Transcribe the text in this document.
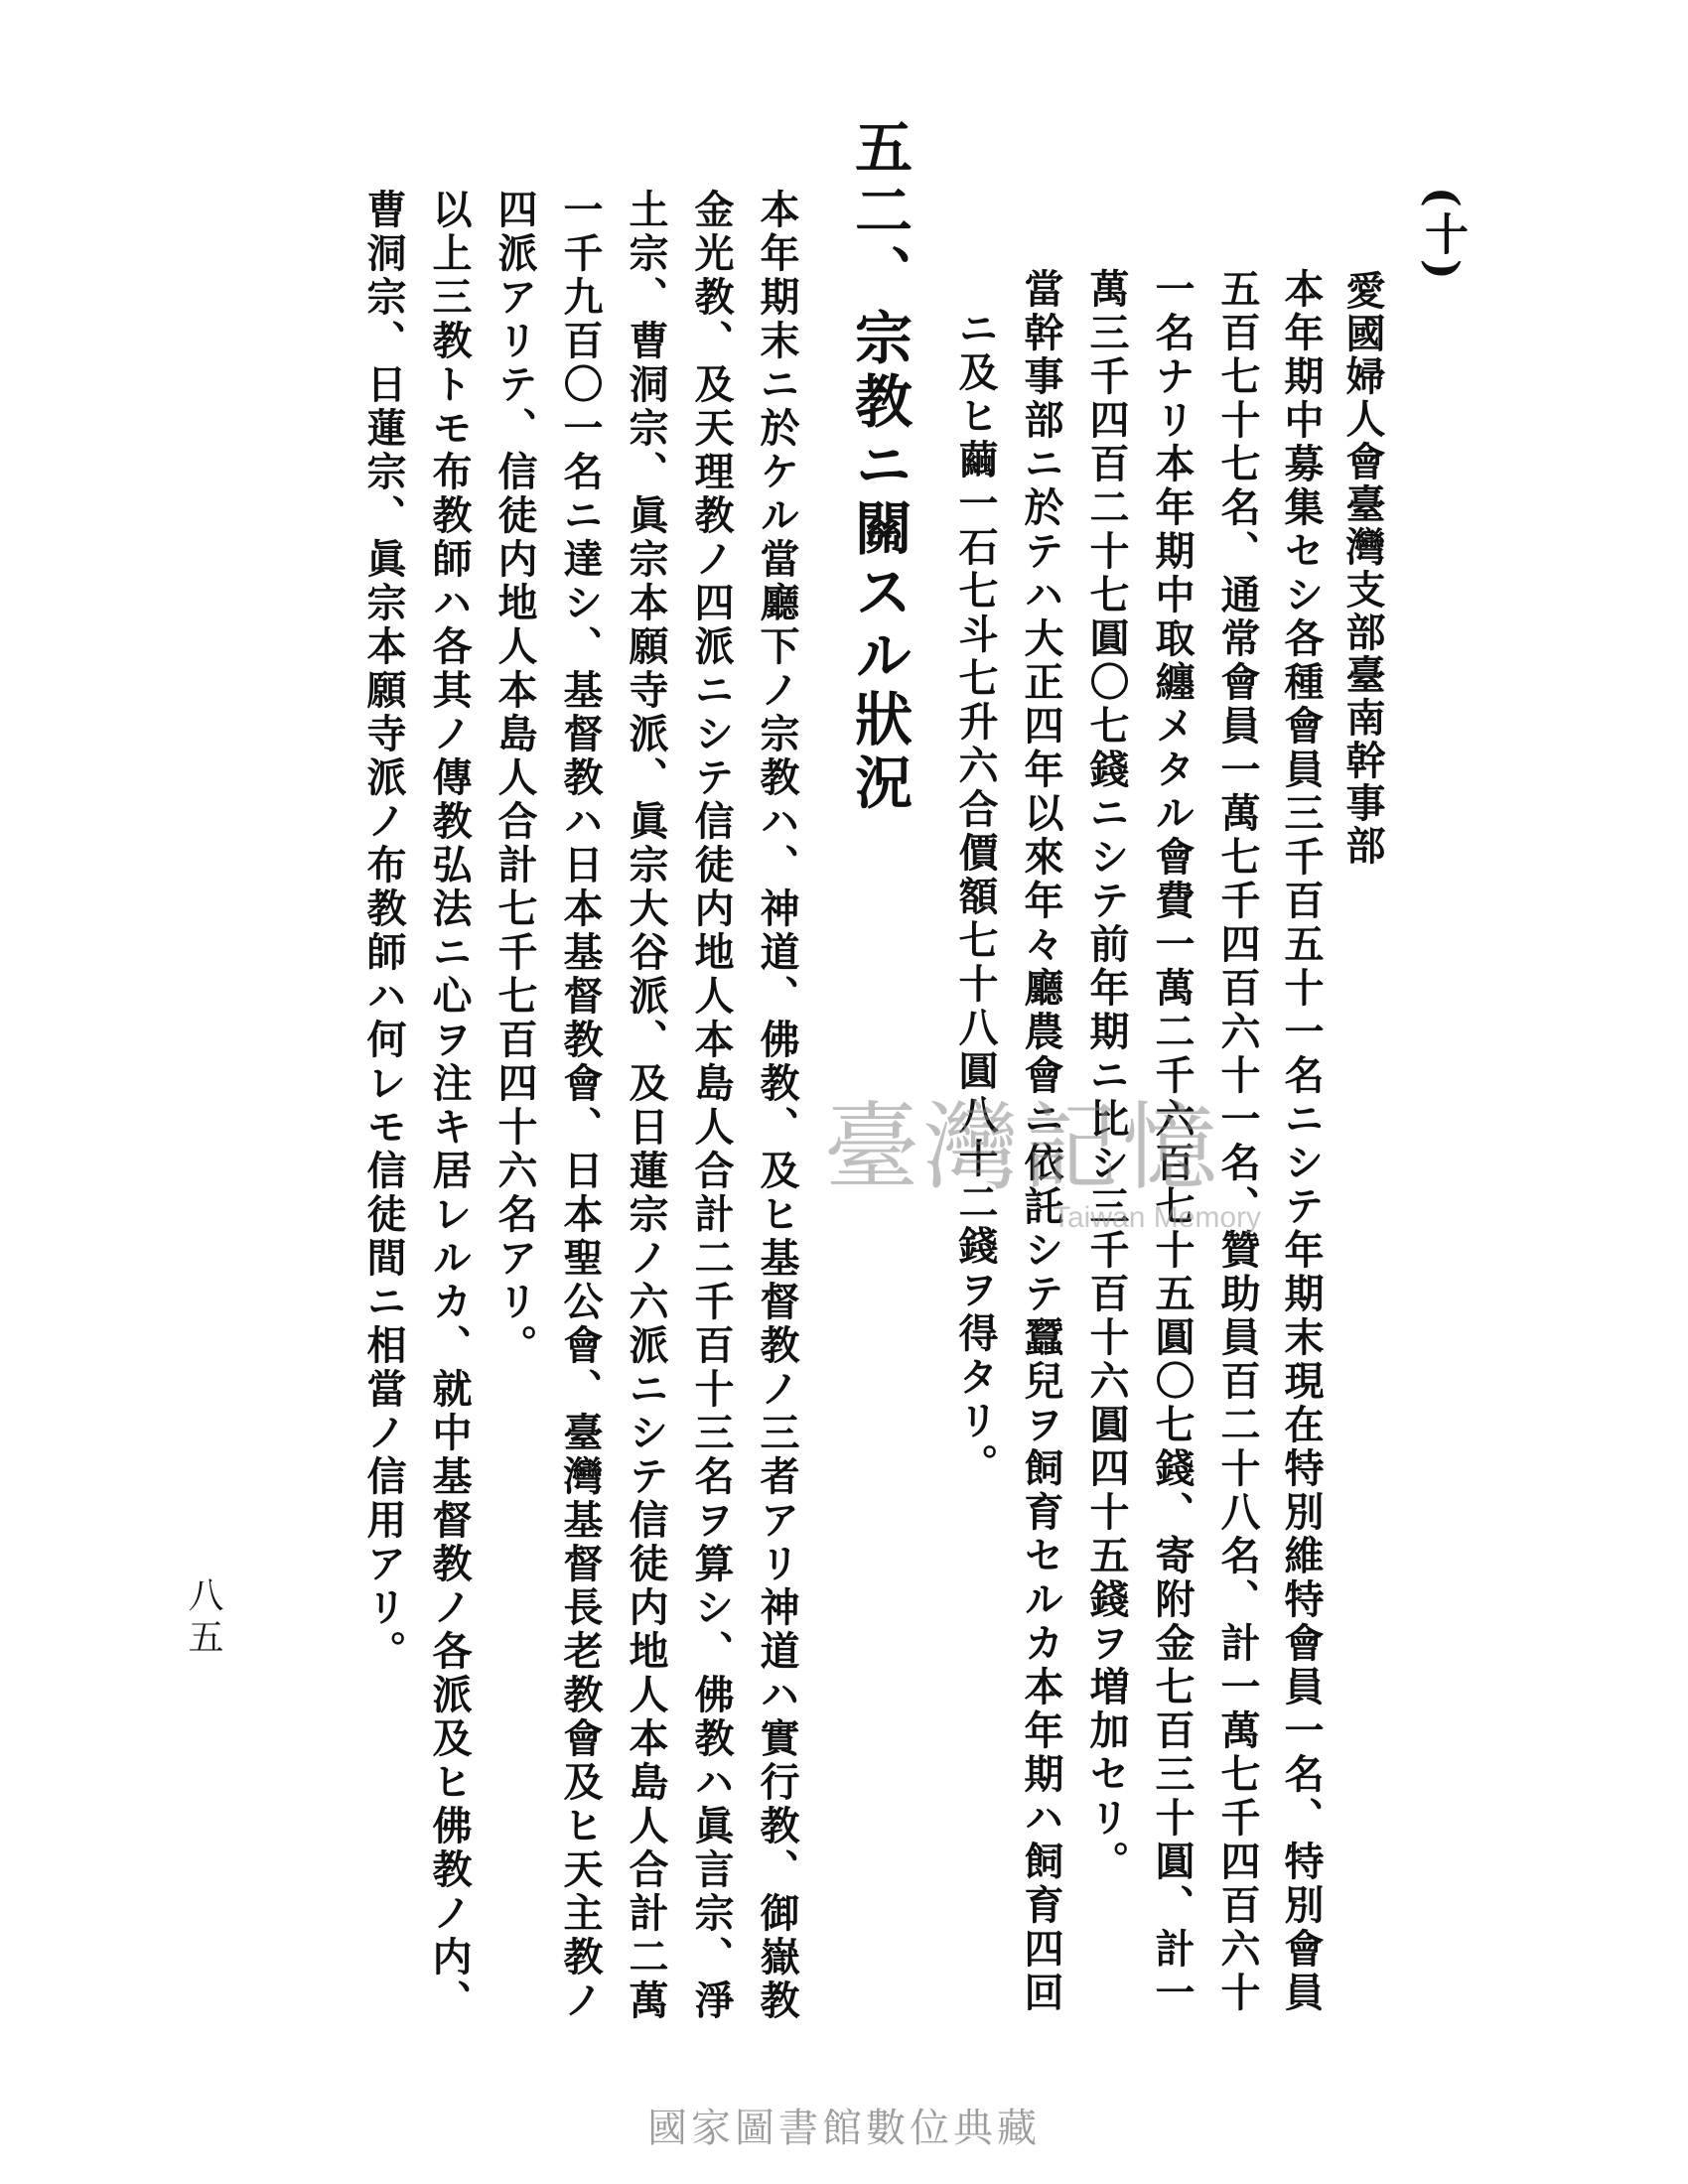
(十)
愛國婦人會臺灣支部臺南幹事部
本年期中募集セシ各種會員三千百五十一名ニシテ年期末現在特別維特會員一名、特別會員
五百七十七名、通常會員一萬七千四百六十一名、贊助員百二十八名、計一萬七千四百六十
一名ナリ本年期中取纏メタル會費一萬二千六百七十五圓〇七錢、寄附金七百三十圓、計一
萬三千四百二十七圓〇七錢ニシテ前年期ニ比シ三千百十六圓四十五錢ヲ増加セリ。
當幹事部ニ於テハ大正四年以來年々廳農會ニ依託シテ蠶兒ヲ飼育セルカ本年期ハ飼育四回
ニ及ヒ繭一石七斗七升六合價額七十八圓八十二錢ヲ得タリ。
五二、宗教ニ關スル狀況
本年期末ニ於ケル當廳下ノ宗教ハ、神道、佛教、及ヒ基督教ノ三者アリ神道ハ實行教、御嶽教
金光教、及天理教ノ四派ニシテ信徒内地人本島人合計二千百十三名ヲ算シ、佛教ハ眞言宗、淨
土宗、曹洞宗、眞宗本願寺派、眞宗大谷派、及日蓮宗ノ六派ニシテ信徒内地人本島人合計二萬
一千九百〇一名ニ達シ、基督教ハ日本基督教會、日本聖公會、臺灣基督長老教會及ヒ天主教ノ
四派アリテ、信徒内地人本島人合計七千七百四十六名アリ。
以上三教トモ布教師ハ各其ノ傳教弘法ニ心ヲ注キ居レルカ、就中基督教ノ各派及ヒ佛教ノ内、
曹洞宗、日蓮宗、眞宗本願寺派ノ布教師ハ何レモ信徒間ニ相當ノ信用アリ。
八五
臺灣記憶
Taiwan Memory
國家圖書館數位典藏
